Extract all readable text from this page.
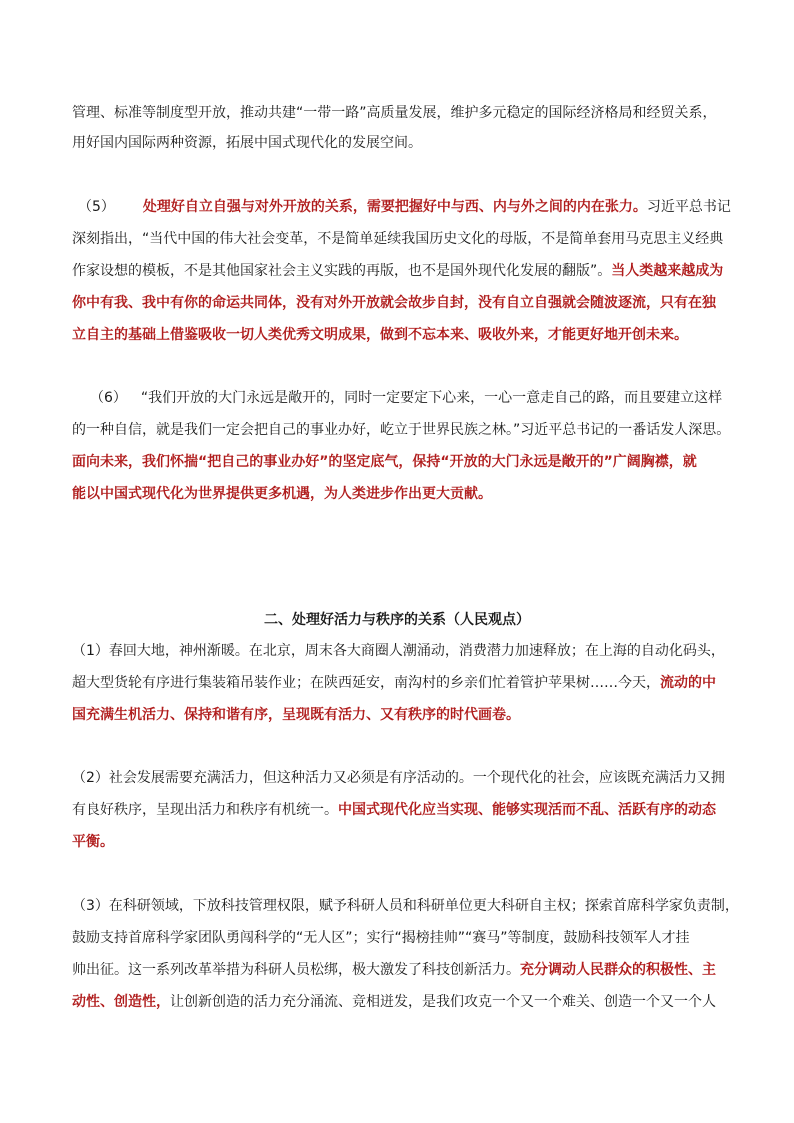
管理、标准等制度型开放，推动共建“一带一路”高质量发展，维护多元稳定的国际经济格局和经贸关系，
用好国内国际两种资源，拓展中国式现代化的发展空间。
（5） 处理好自立自强与对外开放的关系，需要把握好中与西、内与外之间的内在张力。习近平总书记
深刻指出，“当代中国的伟大社会变革，不是简单延续我国历史文化的母版，不是简单套用马克思主义经典
作家设想的模板，不是其他国家社会主义实践的再版，也不是国外现代化发展的翻版”。当人类越来越成为
你中有我、我中有你的命运共同体，没有对外开放就会故步自封，没有自立自强就会随波逐流，只有在独
立自主的基础上借鉴吸收一切人类优秀文明成果，做到不忘本来、吸收外来，才能更好地开创未来。
（6） “我们开放的大门永远是敞开的，同时一定要定下心来，一心一意走自己的路，而且要建立这样
的一种自信，就是我们一定会把自己的事业办好，屹立于世界民族之林。”习近平总书记的一番话发人深思。
面向未来，我们怀揣“把自己的事业办好”的坚定底气，保持“开放的大门永远是敞开的”广阔胸襟，就
能以中国式现代化为世界提供更多机遇，为人类进步作出更大贡献。
二、处理好活力与秩序的关系（人民观点）
（1）春回大地，神州渐暖。在北京，周末各大商圈人潮涌动，消费潜力加速释放；在上海的自动化码头，
超大型货轮有序进行集装箱吊装作业；在陕西延安，南沟村的乡亲们忙着管护苹果树……今天，流动的中
国充满生机活力、保持和谐有序，呈现既有活力、又有秩序的时代画卷。
（2）社会发展需要充满活力，但这种活力又必须是有序活动的。一个现代化的社会，应该既充满活力又拥
有良好秩序，呈现出活力和秩序有机统一。中国式现代化应当实现、能够实现活而不乱、活跃有序的动态
平衡。
（3）在科研领域，下放科技管理权限，赋予科研人员和科研单位更大科研自主权；探索首席科学家负责制，
鼓励支持首席科学家团队勇闯科学的“无人区”；实行“揭榜挂帅”“赛马”等制度，鼓励科技领军人才挂
帅出征。这一系列改革举措为科研人员松绑，极大激发了科技创新活力。充分调动人民群众的积极性、主
动性、创造性，让创新创造的活力充分涌流、竞相迸发，是我们攻克一个又一个难关、创造一个又一个人
